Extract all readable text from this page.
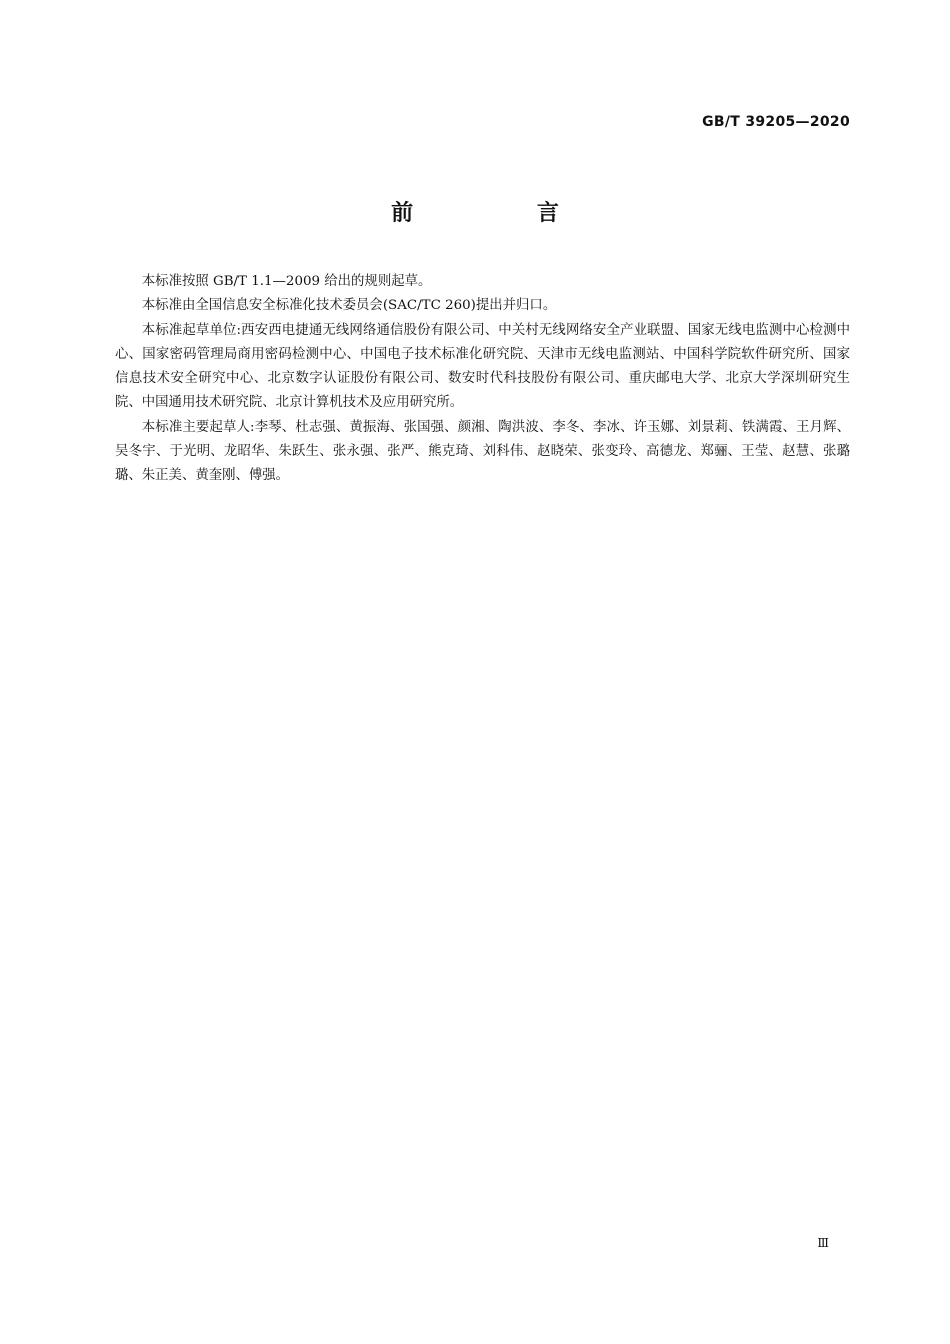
GB/T 39205—2020
前 言

本标准按照 GB/T 1.1—2009 给出的规则起草。

本标准由全国信息安全标准化技术委员会(SAC/TC 260)提出并归口。

本标准起草单位:西安西电捷通无线网络通信股份有限公司、中关村无线网络安全产业联盟、国家无线电监测中心检测中心、国家密码管理局商用密码检测中心、中国电子技术标准化研究院、天津市无线电监测站、中国科学院软件研究所、国家信息技术安全研究中心、北京数字认证股份有限公司、数安时代科技股份有限公司、重庆邮电大学、北京大学深圳研究生院、中国通用技术研究院、北京计算机技术及应用研究所。

本标准主要起草人:李琴、杜志强、黄振海、张国强、颜湘、陶洪波、李冬、李冰、许玉娜、刘景莉、铁满霞、王月辉、吴冬宇、于光明、龙昭华、朱跃生、张永强、张严、熊克琦、刘科伟、赵晓荣、张变玲、高德龙、郑骊、王莹、赵慧、张璐璐、朱正美、黄奎刚、傅强。

Ⅲ
